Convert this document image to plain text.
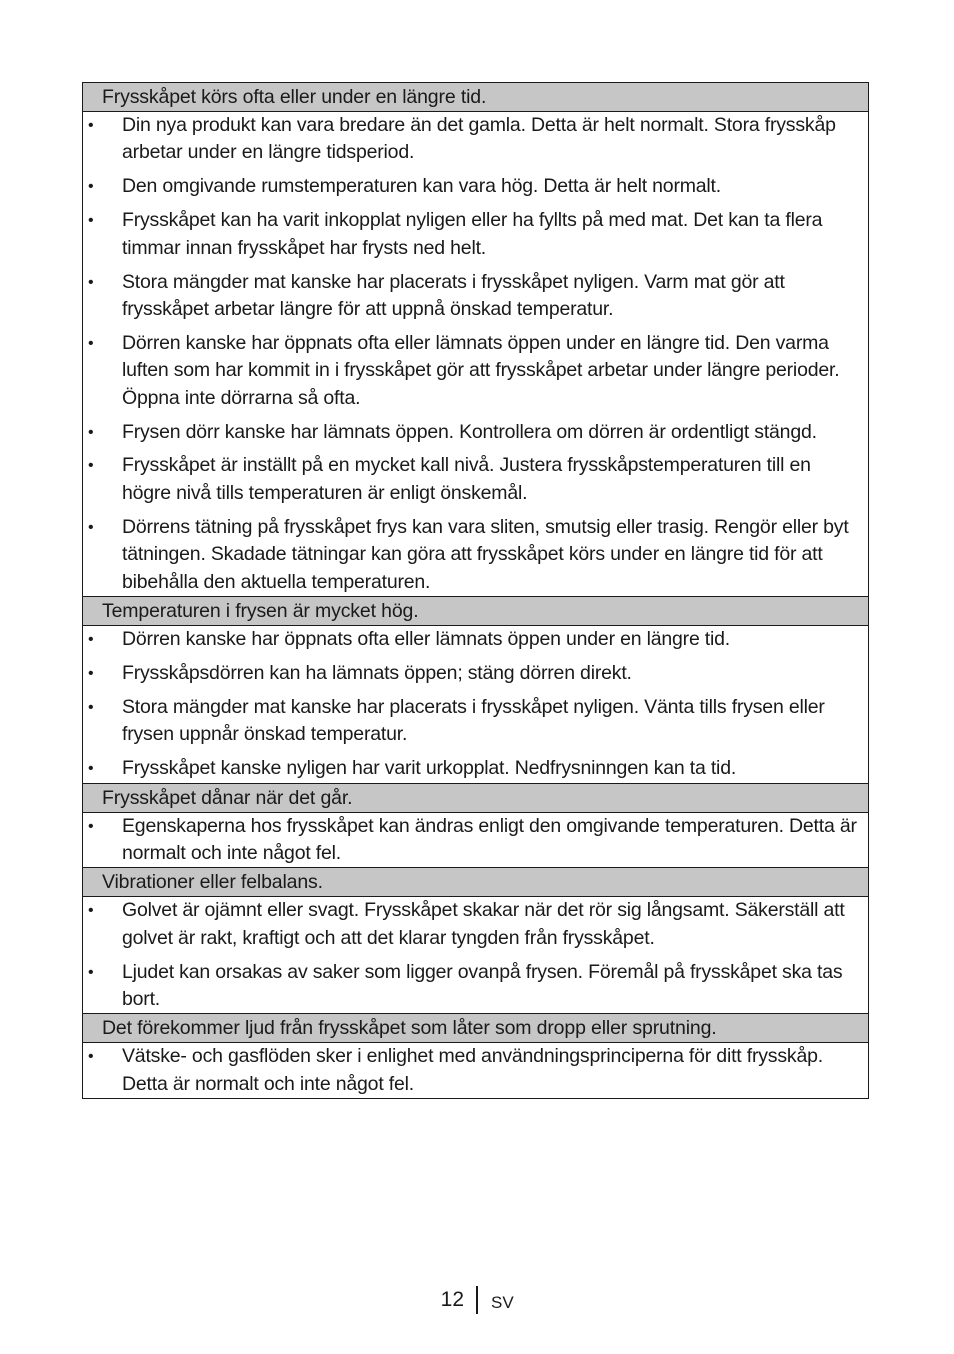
Frysskåpet körs ofta eller under en längre tid.
•	Din nya produkt kan vara bredare än det gamla. Detta är helt normalt. Stora frysskåp arbetar under en längre tidsperiod.
•	Den omgivande rumstemperaturen kan vara hög. Detta är helt normalt.
•	Frysskåpet kan ha varit inkopplat nyligen eller ha fyllts på med mat. Det kan ta flera timmar innan frysskåpet har frysts ned helt.
•	Stora mängder mat kanske har placerats i frysskåpet nyligen. Varm mat gör att frysskåpet arbetar längre för att uppnå önskad temperatur.
•	Dörren kanske har öppnats ofta eller lämnats öppen under en längre tid. Den varma luften som har kommit in i frysskåpet gör att frysskåpet arbetar under längre perioder. Öppna inte dörrarna så ofta.
•	Frysen dörr kanske har lämnats öppen. Kontrollera om dörren är ordentligt stängd.
•	Frysskåpet är inställt på en mycket kall nivå. Justera frysskåpstemperaturen till en högre nivå tills temperaturen är enligt önskemål.
•	Dörrens tätning på frysskåpet frys kan vara sliten, smutsig eller trasig. Rengör eller byt tätningen. Skadade tätningar kan göra att frysskåpet körs under en längre tid för att bibehålla den aktuella temperaturen.
Temperaturen i frysen är mycket hög.
•	Dörren kanske har öppnats ofta eller lämnats öppen under en längre tid.
•	Frysskåpsdörren kan ha lämnats öppen; stäng dörren direkt.
•	Stora mängder mat kanske har placerats i frysskåpet nyligen. Vänta tills frysen eller frysen uppnår önskad temperatur.
•	Frysskåpet kanske nyligen har varit urkopplat. Nedfrysninngen kan ta tid.
Frysskåpet dånar när det går.
•	Egenskaperna hos frysskåpet kan ändras enligt den omgivande temperaturen. Detta är normalt och inte något fel.
Vibrationer eller felbalans.
•	Golvet är ojämnt eller svagt. Frysskåpet skakar när det rör sig långsamt. Säkerställ att golvet är rakt, kraftigt och att det klarar tyngden från frysskåpet.
•	Ljudet kan orsakas av saker som ligger ovanpå frysen. Föremål på frysskåpet ska tas bort.
Det förekommer ljud från frysskåpet som låter som dropp eller sprutning.
•	Vätske- och gasflöden sker i enlighet med användningsprinciperna för ditt frysskåp. Detta är normalt och inte något fel.
12 SV
